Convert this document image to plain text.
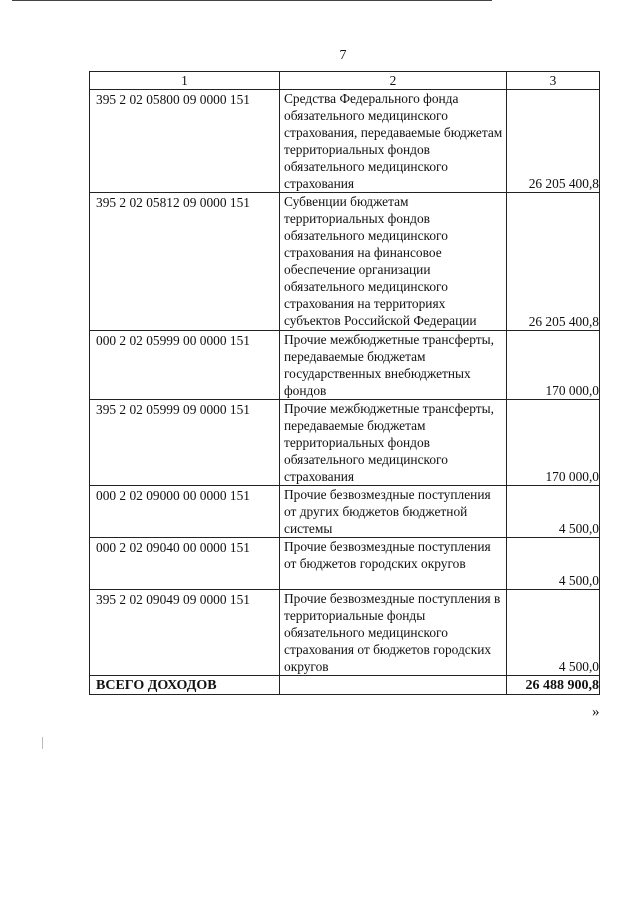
7
1	2	3
395 2 02 05800 09 0000 151	Средства Федерального фонда обязательного медицинского страхования, передаваемые бюджетам территориальных фондов обязательного медицинского страхования	26 205 400,8
395 2 02 05812 09 0000 151	Субвенции бюджетам территориальных фондов обязательного медицинского страхования на финансовое обеспечение организации обязательного медицинского страхования на территориях субъектов Российской Федерации	26 205 400,8
000 2 02 05999 00 0000 151	Прочие межбюджетные трансферты, передаваемые бюджетам государственных внебюджетных фондов	170 000,0
395 2 02 05999 09 0000 151	Прочие межбюджетные трансферты, передаваемые бюджетам территориальных фондов обязательного медицинского страхования	170 000,0
000 2 02 09000 00 0000 151	Прочие безвозмездные поступления от других бюджетов бюджетной системы	4 500,0
000 2 02 09040 00 0000 151	Прочие безвозмездные поступления от бюджетов городских округов	4 500,0
395 2 02 09049 09 0000 151	Прочие безвозмездные поступления в территориальные фонды обязательного медицинского страхования от бюджетов городских округов	4 500,0
ВСЕГО ДОХОДОВ		26 488 900,8
»
